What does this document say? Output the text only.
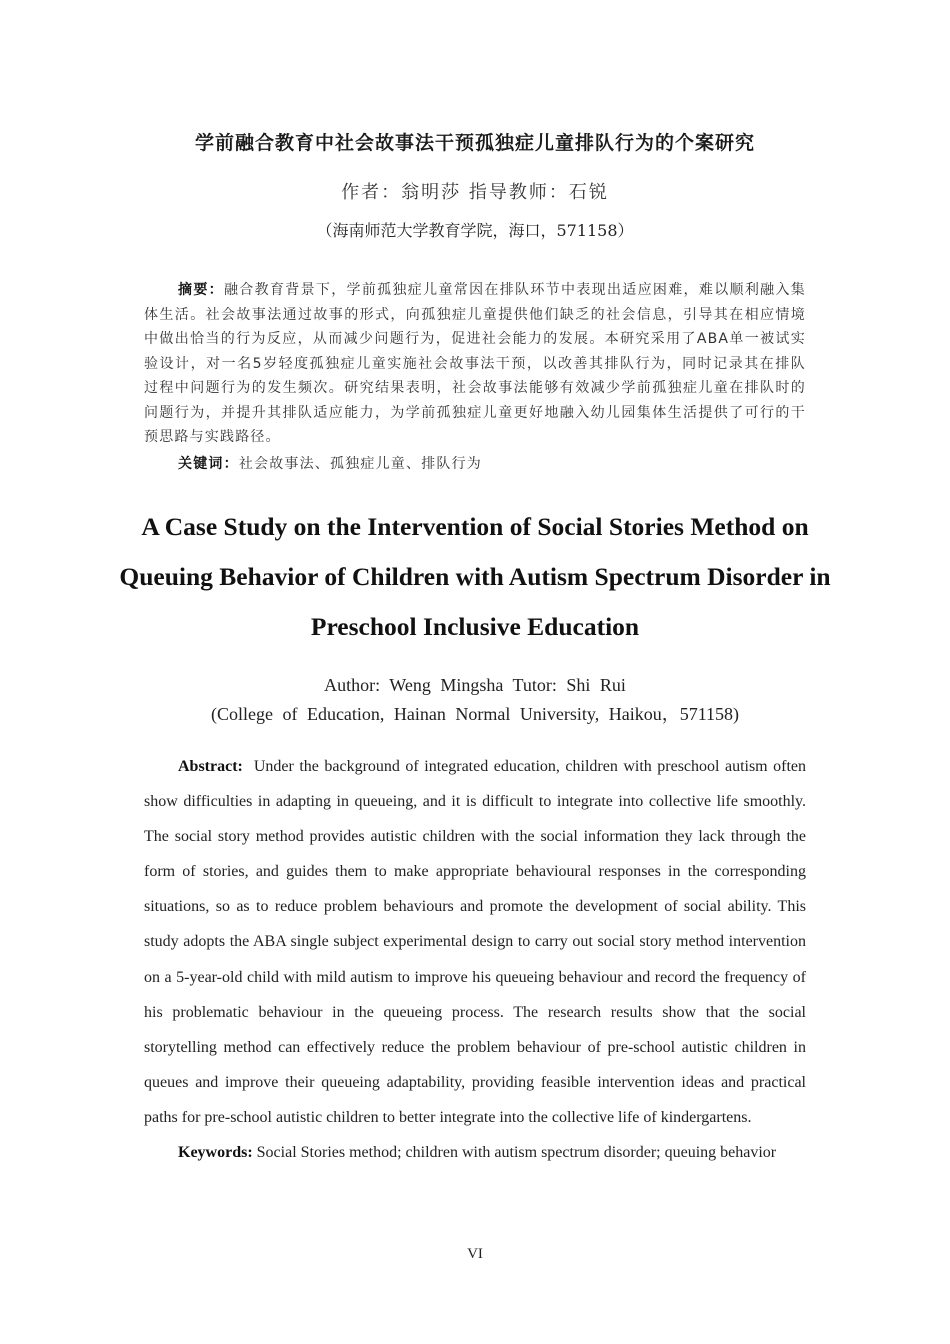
学前融合教育中社会故事法干预孤独症儿童排队行为的个案研究
作者：翁明莎 指导教师：石锐
（海南师范大学教育学院，海口，571158）
摘要：融合教育背景下，学前孤独症儿童常因在排队环节中表现出适应困难，难以顺利融入集体生活。社会故事法通过故事的形式，向孤独症儿童提供他们缺乏的社会信息，引导其在相应情境中做出恰当的行为反应，从而减少问题行为，促进社会能力的发展。本研究采用了ABA单一被试实验设计，对一名5岁轻度孤独症儿童实施社会故事法干预，以改善其排队行为，同时记录其在排队过程中问题行为的发生频次。研究结果表明，社会故事法能够有效减少学前孤独症儿童在排队时的问题行为，并提升其排队适应能力，为学前孤独症儿童更好地融入幼儿园集体生活提供了可行的干预思路与实践路径。
关键词：社会故事法、孤独症儿童、排队行为
A Case Study on the Intervention of Social Stories Method on Queuing Behavior of Children with Autism Spectrum Disorder in Preschool Inclusive Education
Author: Weng Mingsha Tutor: Shi Rui
(College of Education, Hainan Normal University, Haikou，571158)
Abstract: Under the background of integrated education, children with preschool autism often show difficulties in adapting in queueing, and it is difficult to integrate into collective life smoothly. The social story method provides autistic children with the social information they lack through the form of stories, and guides them to make appropriate behavioural responses in the corresponding situations, so as to reduce problem behaviours and promote the development of social ability. This study adopts the ABA single subject experimental design to carry out social story method intervention on a 5-year-old child with mild autism to improve his queueing behaviour and record the frequency of his problematic behaviour in the queueing process. The research results show that the social storytelling method can effectively reduce the problem behaviour of pre-school autistic children in queues and improve their queueing adaptability, providing feasible intervention ideas and practical paths for pre-school autistic children to better integrate into the collective life of kindergartens.
Keywords: Social Stories method; children with autism spectrum disorder; queuing behavior
VI
